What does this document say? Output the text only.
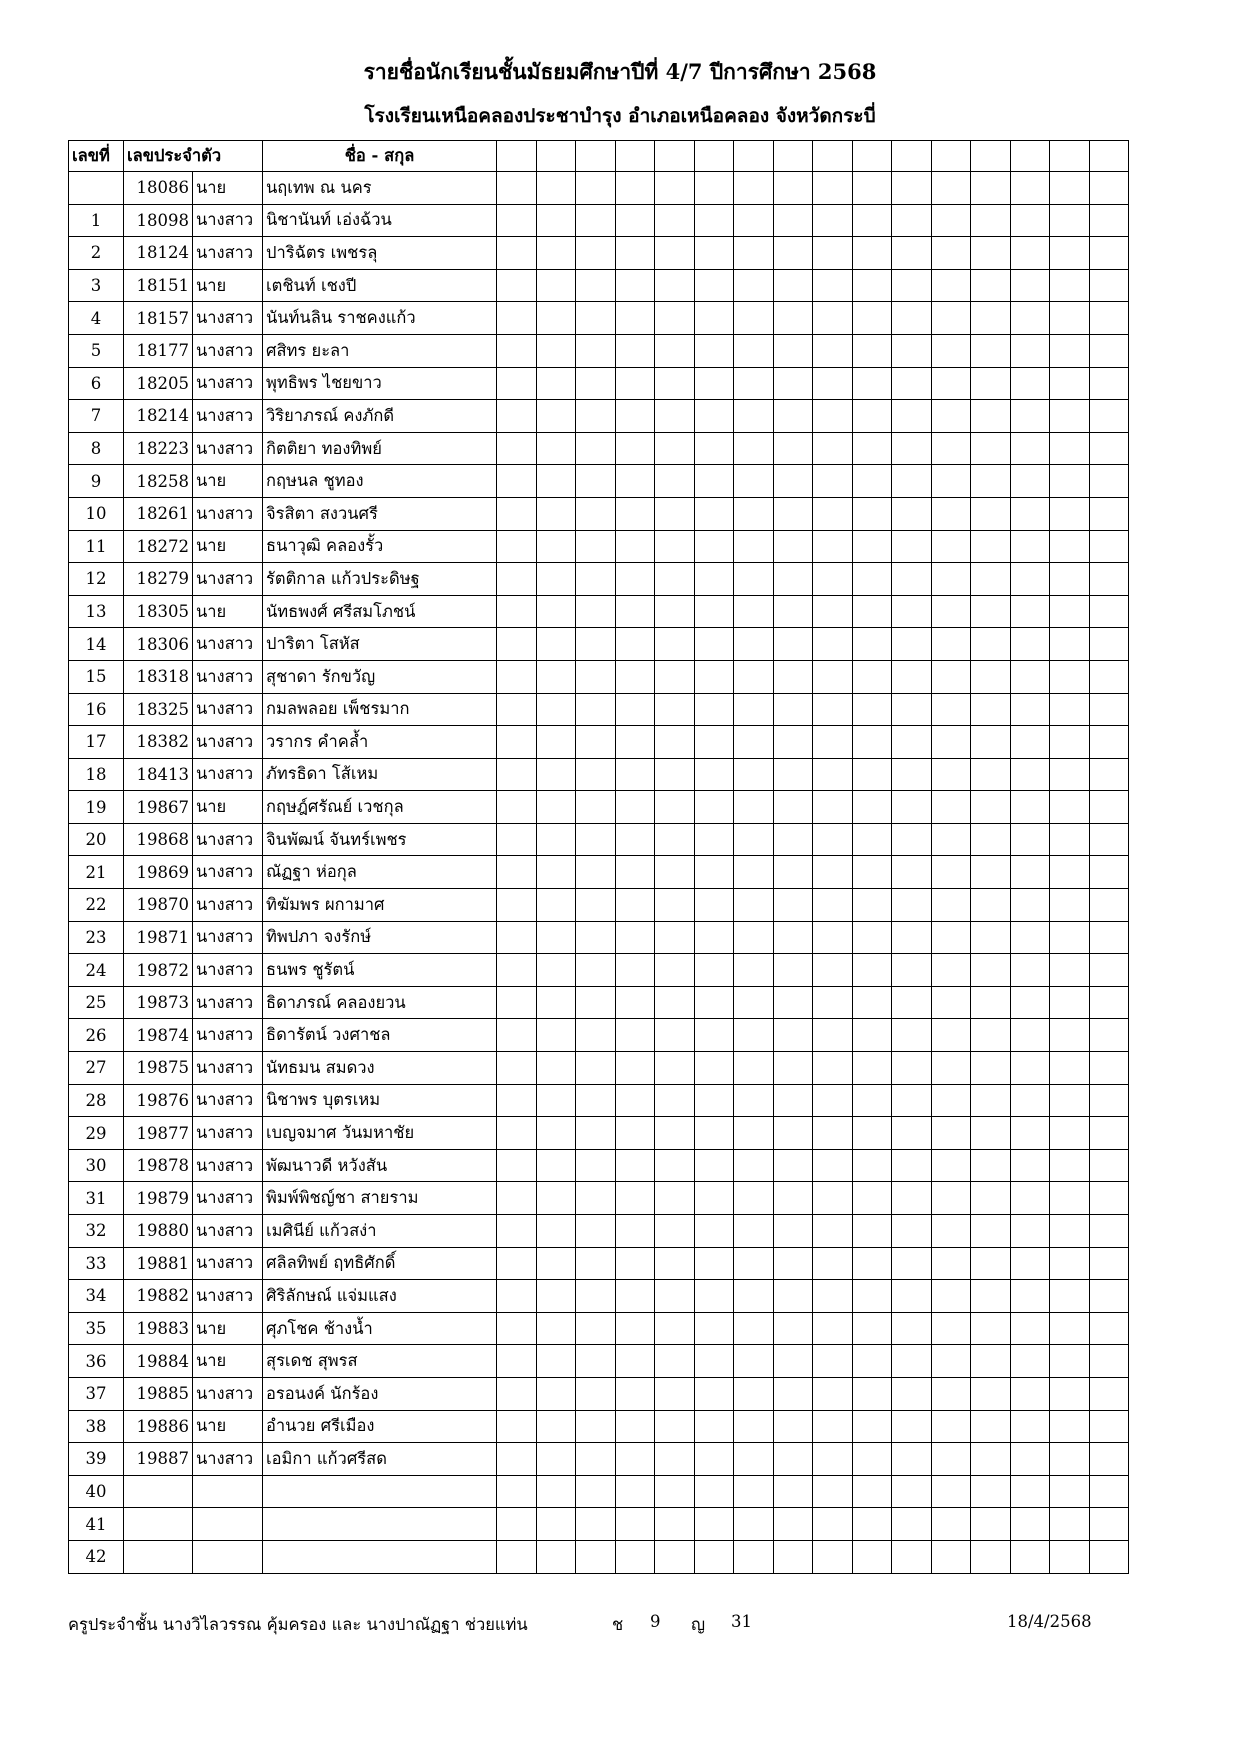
รายชื่อนักเรียนชั้นมัธยมศึกษาปีที่ 4/7 ปีการศึกษา 2568
โรงเรียนเหนือคลองประชาบำรุง อำเภอเหนือคลอง จังหวัดกระบี่
เลขที่	เลขประจำตัว		ชื่อ - สกุล																
	18086	นาย	นฤเทพ ณ นคร																
1	18098	นางสาว	นิชานันท์ เอ่งฉ้วน																
2	18124	นางสาว	ปาริฉัตร เพชรลุ																
3	18151	นาย	เตชินท์ เชงปี																
4	18157	นางสาว	นันท์นลิน ราชคงแก้ว																
5	18177	นางสาว	ศสิทร ยะลา																
6	18205	นางสาว	พุทธิพร ไชยขาว																
7	18214	นางสาว	วิริยาภรณ์ คงภักดี																
8	18223	นางสาว	กิตติยา ทองทิพย์																
9	18258	นาย	กฤษนล ชูทอง																
10	18261	นางสาว	จิรสิตา สงวนศรี																
11	18272	นาย	ธนาวุฒิ คลองรั้ว																
12	18279	นางสาว	รัตติกาล แก้วประดิษฐ																
13	18305	นาย	นัทธพงศ์ ศรีสมโภชน์																
14	18306	นางสาว	ปาริตา โสหัส																
15	18318	นางสาว	สุชาดา รักขวัญ																
16	18325	นางสาว	กมลพลอย เพ็ชรมาก																
17	18382	นางสาว	วรากร คำคล้ำ																
18	18413	นางสาว	ภัทรธิดา โส้เหม																
19	19867	นาย	กฤษฎ์ศรัณย์ เวชกุล																
20	19868	นางสาว	จินพัฒน์ จันทร์เพชร																
21	19869	นางสาว	ณัฏฐา ห่อกุล																
22	19870	นางสาว	ทิฆัมพร ผกามาศ																
23	19871	นางสาว	ทิพปภา จงรักษ์																
24	19872	นางสาว	ธนพร ชูรัตน์																
25	19873	นางสาว	ธิดาภรณ์ คลองยวน																
26	19874	นางสาว	ธิดารัตน์ วงศาชล																
27	19875	นางสาว	นัทธมน สมดวง																
28	19876	นางสาว	นิชาพร บุตรเหม																
29	19877	นางสาว	เบญจมาศ วันมหาชัย																
30	19878	นางสาว	พัฒนาวดี หวังสัน																
31	19879	นางสาว	พิมพ์พิชญ์ชา สายราม																
32	19880	นางสาว	เมศินีย์ แก้วสง่า																
33	19881	นางสาว	ศลิลทิพย์ ฤทธิศักดิ์																
34	19882	นางสาว	ศิริลักษณ์ แจ่มแสง																
35	19883	นาย	ศุภโชค ช้างน้ำ																
36	19884	นาย	สุรเดช สุพรส																
37	19885	นางสาว	อรอนงค์ นักร้อง																
38	19886	นาย	อำนวย ศรีเมือง																
39	19887	นางสาว	เอมิกา แก้วศรีสด																
40																			
41																			
42																			
ครูประจำชั้น นางวิไลวรรณ คุ้มครอง และ นางปาณัฏฐา ช่วยแท่น	ช 9 ญ 31	18/4/2568
